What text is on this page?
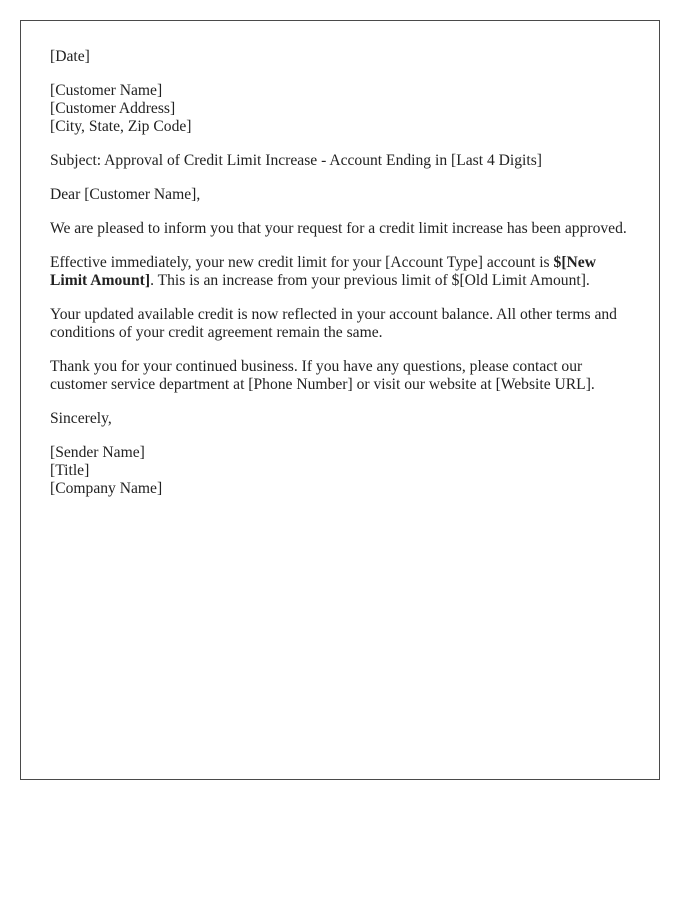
[Date]
[Customer Name]
[Customer Address]
[City, State, Zip Code]

Subject: Approval of Credit Limit Increase - Account Ending in [Last 4 Digits]

Dear [Customer Name],

We are pleased to inform you that your request for a credit limit increase has been approved.

Effective immediately, your new credit limit for your [Account Type] account is $[New Limit Amount]. This is an increase from your previous limit of $[Old Limit Amount].

Your updated available credit is now reflected in your account balance. All other terms and conditions of your credit agreement remain the same.

Thank you for your continued business. If you have any questions, please contact our customer service department at [Phone Number] or visit our website at [Website URL].

Sincerely,

[Sender Name]
[Title]
[Company Name]
